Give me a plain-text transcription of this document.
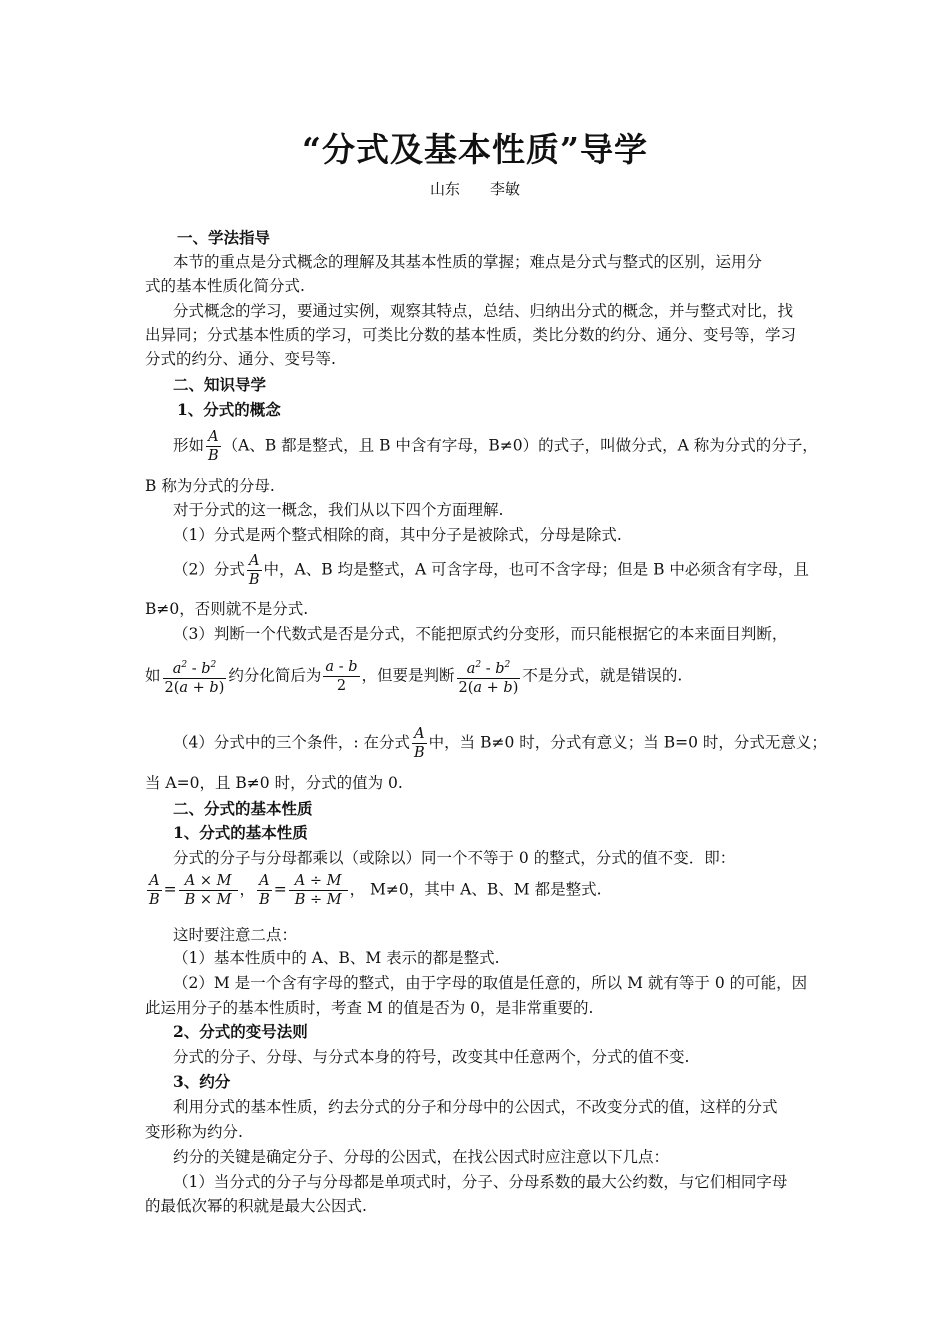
“分式及基本性质”导学
山东　　李敏
一、学法指导
本节的重点是分式概念的理解及其基本性质的掌握；难点是分式与整式的区别，运用分
式的基本性质化简分式.
分式概念的学习，要通过实例，观察其特点，总结、归纳出分式的概念，并与整式对比，找
出异同；分式基本性质的学习，可类比分数的基本性质，类比分数的约分、通分、变号等，学习
分式的约分、通分、变号等.
二、知识导学
1、分式的概念
形如 $\frac{A}{B} (A$、B 都是整式，且 B 中含有字母，B≠0）的式子，叫做分式，A 称为分式的分子，
B 称为分式的分母.
对于分式的这一概念，我们从以下四个方面理解.
（1）分式是两个整式相除的商，其中分子是被除式，分母是除式.
（2）分式 $\frac{A}{B}$ 中，A、B 均是整式，A 可含字母，也可不含字母；但是 B 中必须含有字母，且
B≠0，否则就不是分式.
（3）判断一个代数式是否是分式，不能把原式约分变形，而只能根据它的本来面目判断，
如 $\frac{a^2 - b^2}{2(a + b)}$ 约分化简后为 $\frac{a - b}{2}$ ，但要是判断 $\frac{a^2 - b^2}{2(a + b)}$ 不是分式，就是错误的.
（4）分式中的三个条件，: 在分式 $\frac{A}{B}$ 中，当 B≠0 时，分式有意义；当 B=0 时，分式无意义；
当 A=0，且 B≠0 时，分式的值为 0.
二、分式的基本性质
1、分式的基本性质
分式的分子与分母都乘以（或除以）同一个不等于 0 的整式，分式的值不变．即：
$\frac{A}{B} = \frac{A \times M}{B \times M}$ ， $\frac{A}{B} = \frac{A \div M}{B \div M}$ ， M≠0，其中 A、B、M 都是整式.
这时要注意二点：
（1）基本性质中的 A、B、M 表示的都是整式.
（2）M 是一个含有字母的整式，由于字母的取值是任意的，所以 M 就有等于 0 的可能，因
此运用分子的基本性质时，考查 M 的值是否为 0，是非常重要的.
2、分式的变号法则
分式的分子、分母、与分式本身的符号，改变其中任意两个，分式的值不变.
3、约分
利用分式的基本性质，约去分式的分子和分母中的公因式，不改变分式的值，这样的分式
变形称为约分.
约分的关键是确定分子、分母的公因式，在找公因式时应注意以下几点：
（1）当分式的分子与分母都是单项式时，分子、分母系数的最大公约数，与它们相同字母
的最低次幂的积就是最大公因式.
